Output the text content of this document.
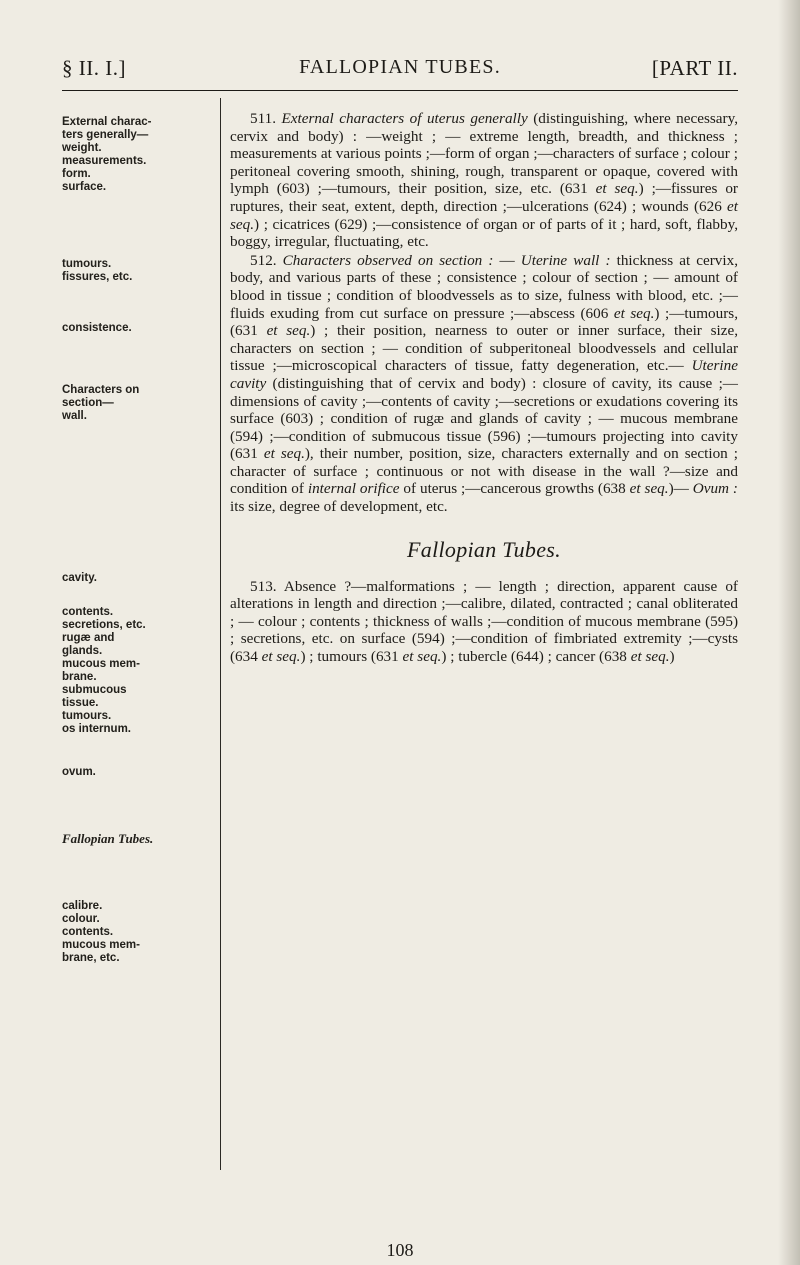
FALLOPIAN TUBES.
§ II. I.]	[PART II.
External charac-
ters generally—
weight.
measurements.
form.
surface.
tumours.
fissures, etc.
consistence.
Characters on
section—
wall.
cavity.
contents.
secretions, etc.
rugæ and
glands.
mucous mem-
brane.
submucous
tissue.
tumours.
os internum.
ovum.
Fallopian Tubes.
calibre.
colour.
contents.
mucous mem-
brane, etc.

511. External characters of uterus generally (distinguishing, where necessary, cervix and body) : —weight ; — extreme length, breadth, and thickness ; measurements at various points ;—form of organ ;—characters of surface ; colour ; peritoneal covering smooth, shining, rough, transparent or opaque, covered with lymph (603) ;—tumours, their position, size, etc. (631 et seq.) ;—fissures or ruptures, their seat, extent, depth, direction ;—ulcerations (624) ; wounds (626 et seq.) ; cicatrices (629) ;—consistence of organ or of parts of it ; hard, soft, flabby, boggy, irregular, fluctuating, etc.

512. Characters observed on section : — Uterine wall : thickness at cervix, body, and various parts of these ; consistence ; colour of section ; — amount of blood in tissue ; condition of bloodvessels as to size, fulness with blood, etc. ;—fluids exuding from cut surface on pressure ;—abscess (606 et seq.) ;—tumours, (631 et seq.) ; their position, nearness to outer or inner surface, their size, characters on section ; — condition of subperitoneal bloodvessels and cellular tissue ;—microscopical characters of tissue, fatty degeneration, etc.— Uterine cavity (distinguishing that of cervix and body) : closure of cavity, its cause ;—dimensions of cavity ;—contents of cavity ;—secretions or exudations covering its surface (603) ; condition of rugæ and glands of cavity ; — mucous membrane (594) ;—condition of submucous tissue (596) ;—tumours projecting into cavity (631 et seq.), their number, position, size, characters externally and on section ; character of surface ; continuous or not with disease in the wall ?—size and condition of internal orifice of uterus ;—cancerous growths (638 et seq.)— Ovum : its size, degree of development, etc.

Fallopian Tubes.

513. Absence ?—malformations ; — length ; direction, apparent cause of alterations in length and direction ;—calibre, dilated, contracted ; canal obliterated ; — colour ; contents ; thickness of walls ;—condition of mucous membrane (595) ; secretions, etc. on surface (594) ;—condition of fimbriated extremity ;—cysts (634 et seq.) ; tumours (631 et seq.) ; tubercle (644) ; cancer (638 et seq.)

108
